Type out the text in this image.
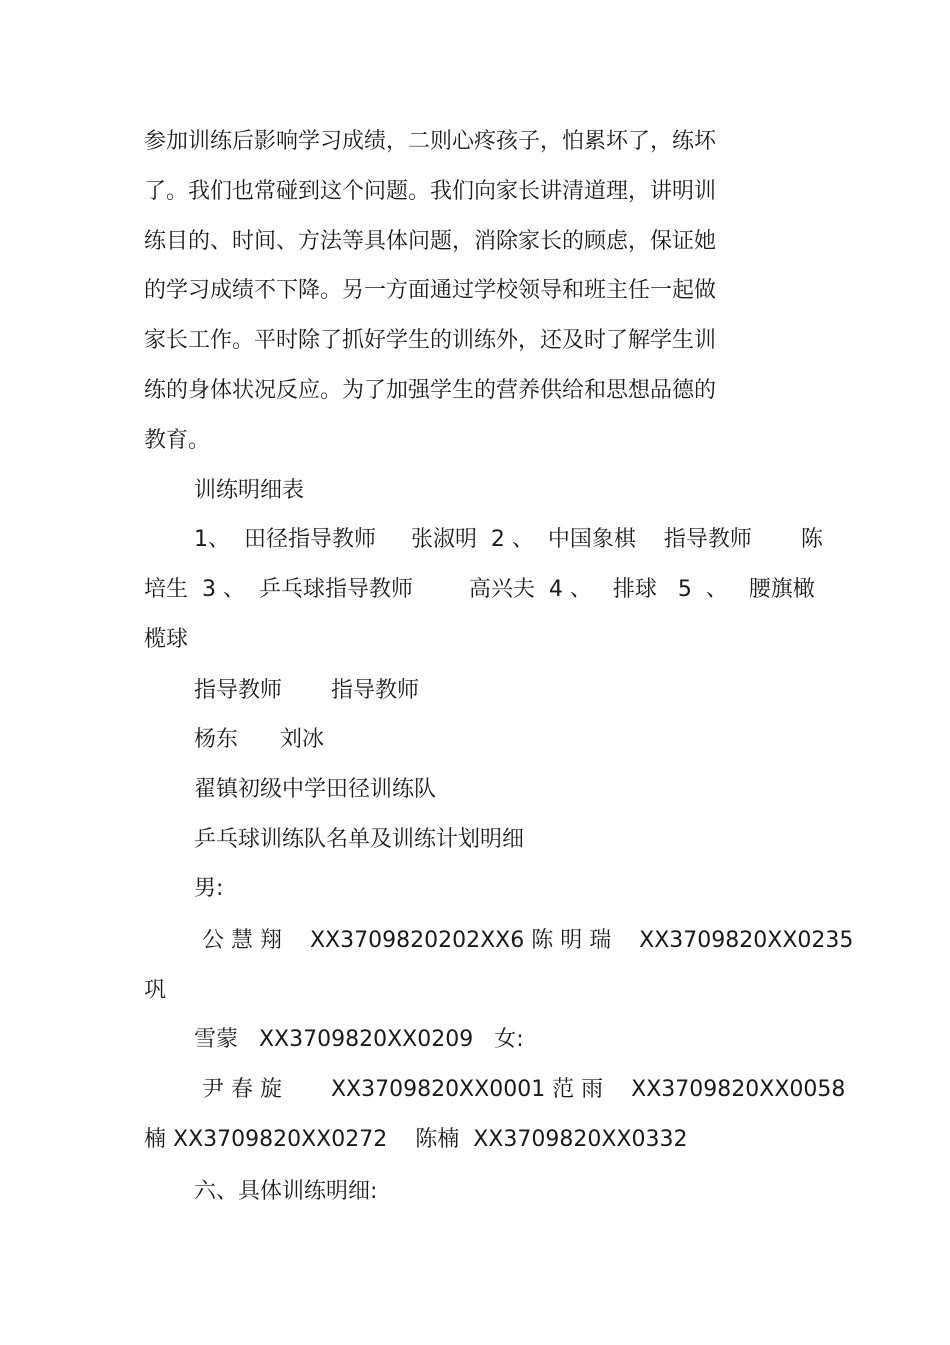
参加训练后影响学习成绩，二则心疼孩子，怕累坏了，练坏
了。我们也常碰到这个问题。我们向家长讲清道理，讲明训
练目的、时间、方法等具体问题，消除家长的顾虑，保证她
的学习成绩不下降。另一方面通过学校领导和班主任一起做
家长工作。平时除了抓好学生的训练外，还及时了解学生训
练的身体状况反应。为了加强学生的营养供给和思想品德的
教育。
训练明细表
1、  田径指导教师     张淑明  2 、  中国象棋    指导教师       陈
培生  3 、  乒乓球指导教师        高兴夫  4 、   排球   5  、   腰旗橄
榄球
指导教师       指导教师
杨东      刘冰
翟镇初级中学田径训练队
乒乓球训练队名单及训练计划明细
男:
公 慧 翔    XX3709820202XX6 陈 明 瑞    XX3709820XX0235
巩
雪蒙   XX3709820XX0209   女:
尹 春 旋       XX3709820XX0001 范 雨    XX3709820XX0058
楠 XX3709820XX0272    陈楠  XX3709820XX0332
六、具体训练明细:
